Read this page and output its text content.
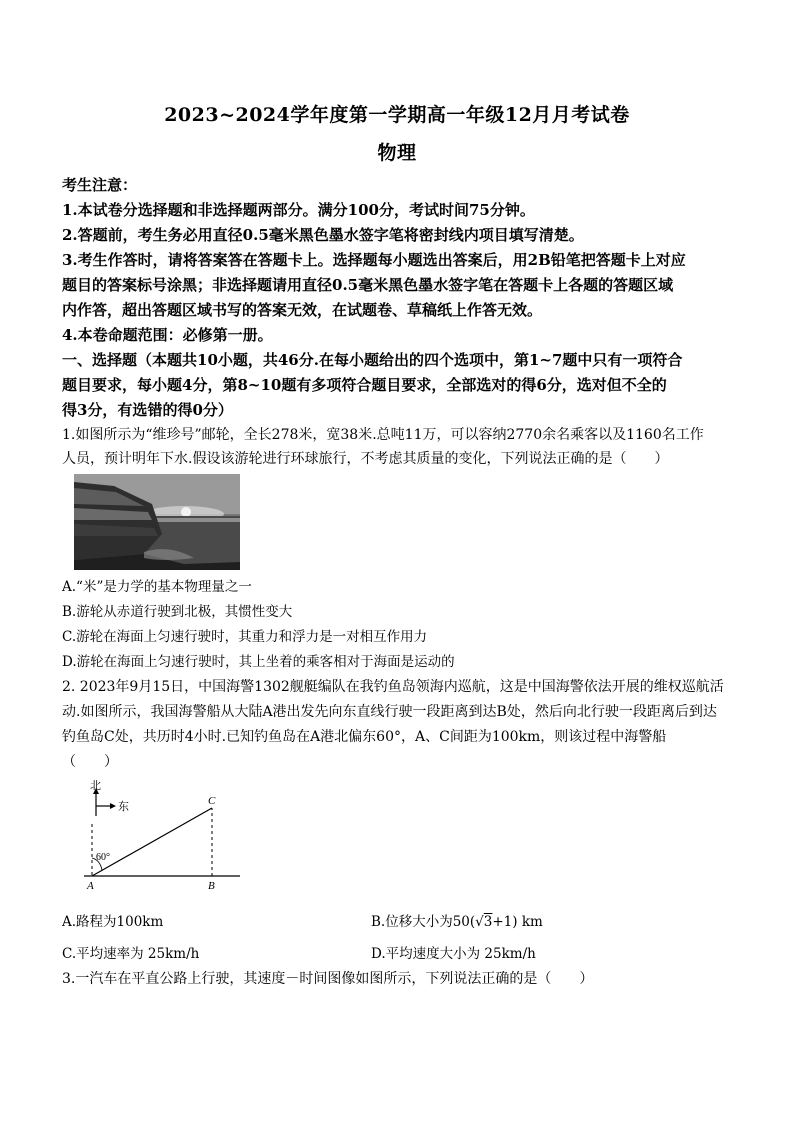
2023~2024学年度第一学期高一年级12月月考试卷
物理
考生注意：
1.本试卷分选择题和非选择题两部分。满分100分，考试时间75分钟。
2.答题前，考生务必用直径0.5毫米黑色墨水签字笔将密封线内项目填写清楚。
3.考生作答时，请将答案答在答题卡上。选择题每小题选出答案后，用2B铅笔把答题卡上对应
题目的答案标号涂黑；非选择题请用直径0.5毫米黑色墨水签字笔在答题卡上各题的答题区域
内作答，超出答题区域书写的答案无效，在试题卷、草稿纸上作答无效。
4.本卷命题范围：必修第一册。
一、选择题（本题共10小题，共46分.在每小题给出的四个选项中，第1~7题中只有一项符合
题目要求，每小题4分，第8~10题有多项符合题目要求，全部选对的得6分，选对但不全的
得3分，有选错的得0分）
1.如图所示为“维珍号”邮轮，全长278米，宽38米.总吨11万，可以容纳2770余名乘客以及1160名工作
人员，预计明年下水.假设该游轮进行环球旅行，不考虑其质量的变化，下列说法正确的是（　　）
A.“米”是力学的基本物理量之一
B.游轮从赤道行驶到北极，其惯性变大
C.游轮在海面上匀速行驶时，其重力和浮力是一对相互作用力
D.游轮在海面上匀速行驶时，其上坐着的乘客相对于海面是运动的
2. 2023年9月15日，中国海警1302舰艇编队在我钓鱼岛领海内巡航，这是中国海警依法开展的维权巡航活
动.如图所示，我国海警船从大陆A港出发先向东直线行驶一段距离到达B处，然后向北行驶一段距离后到达
钓鱼岛C处，共历时4小时.已知钓鱼岛在A港北偏东60°，A、C间距为100km，则该过程中海警船
（　　）
北
东
60°
A	B
C
A.路程为100km	B.位移大小为50(√3+1) km
C.平均速率为 25km/h	D.平均速度大小为 25km/h
3.一汽车在平直公路上行驶，其速度－时间图像如图所示，下列说法正确的是（　　）
